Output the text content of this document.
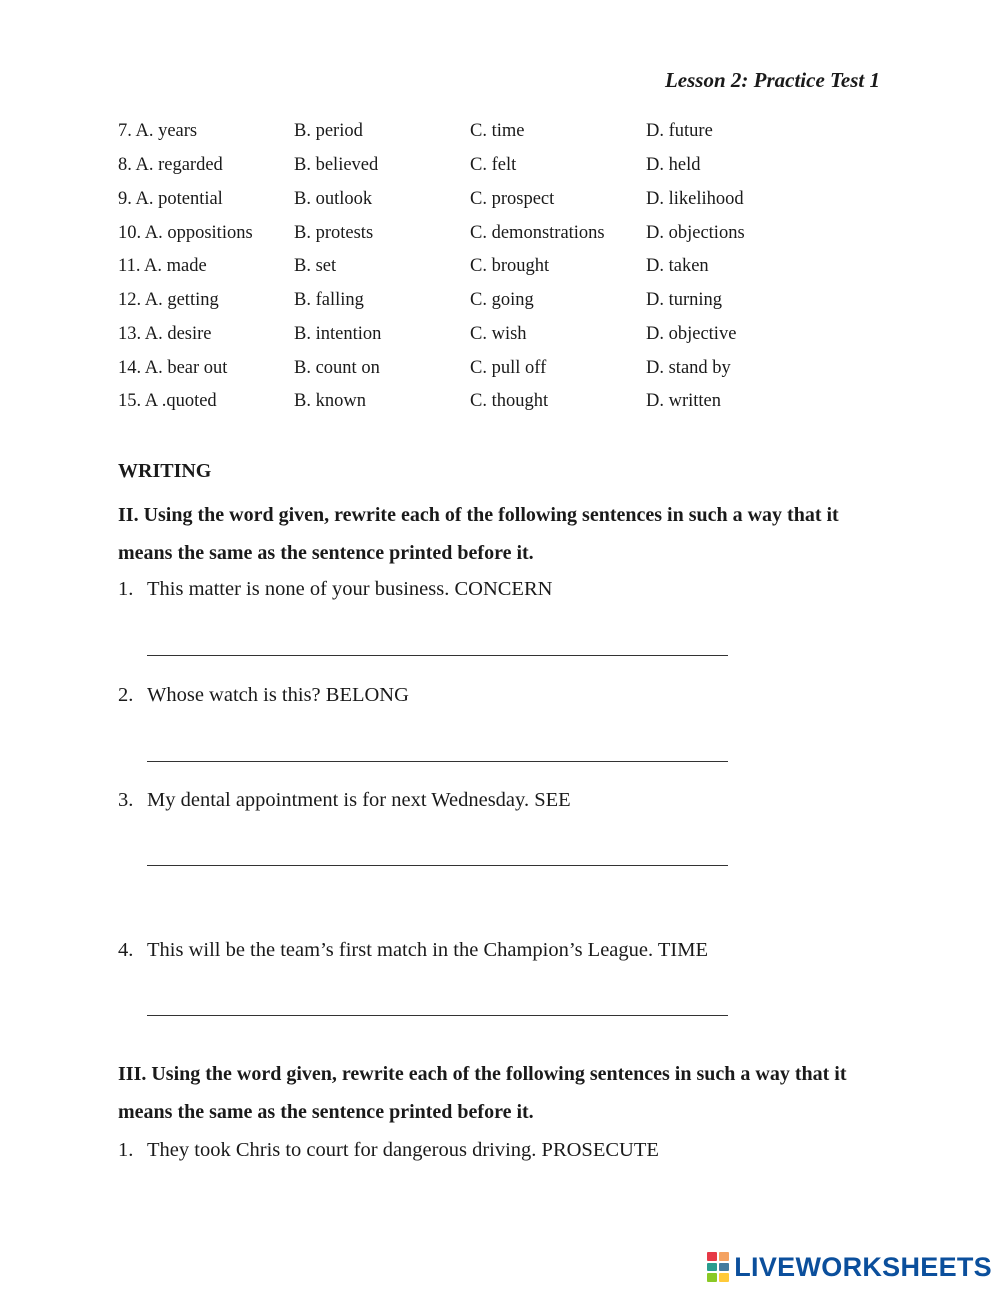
Lesson 2: Practice Test 1
7. A. years	B. period	C. time	D. future
8. A. regarded	B. believed	C. felt	D. held
9. A. potential	B. outlook	C. prospect	D. likelihood
10. A. oppositions	B. protests	C. demonstrations	D. objections
11. A. made	B. set	C. brought	D. taken
12. A. getting	B. falling	C. going	D. turning
13. A. desire	B. intention	C. wish	D. objective
14. A. bear out	B. count on	C. pull off	D. stand by
15. A .quoted	B. known	C. thought	D. written
WRITING
II. Using the word given, rewrite each of the following sentences in such a way that it means the same as the sentence printed before it.
1. This matter is none of your business. CONCERN
2. Whose watch is this? BELONG
3. My dental appointment is for next Wednesday. SEE
4. This will be the team’s first match in the Champion’s League. TIME
III. Using the word given, rewrite each of the following sentences in such a way that it means the same as the sentence printed before it.
1. They took Chris to court for dangerous driving. PROSECUTE
LIVEWORKSHEETS
